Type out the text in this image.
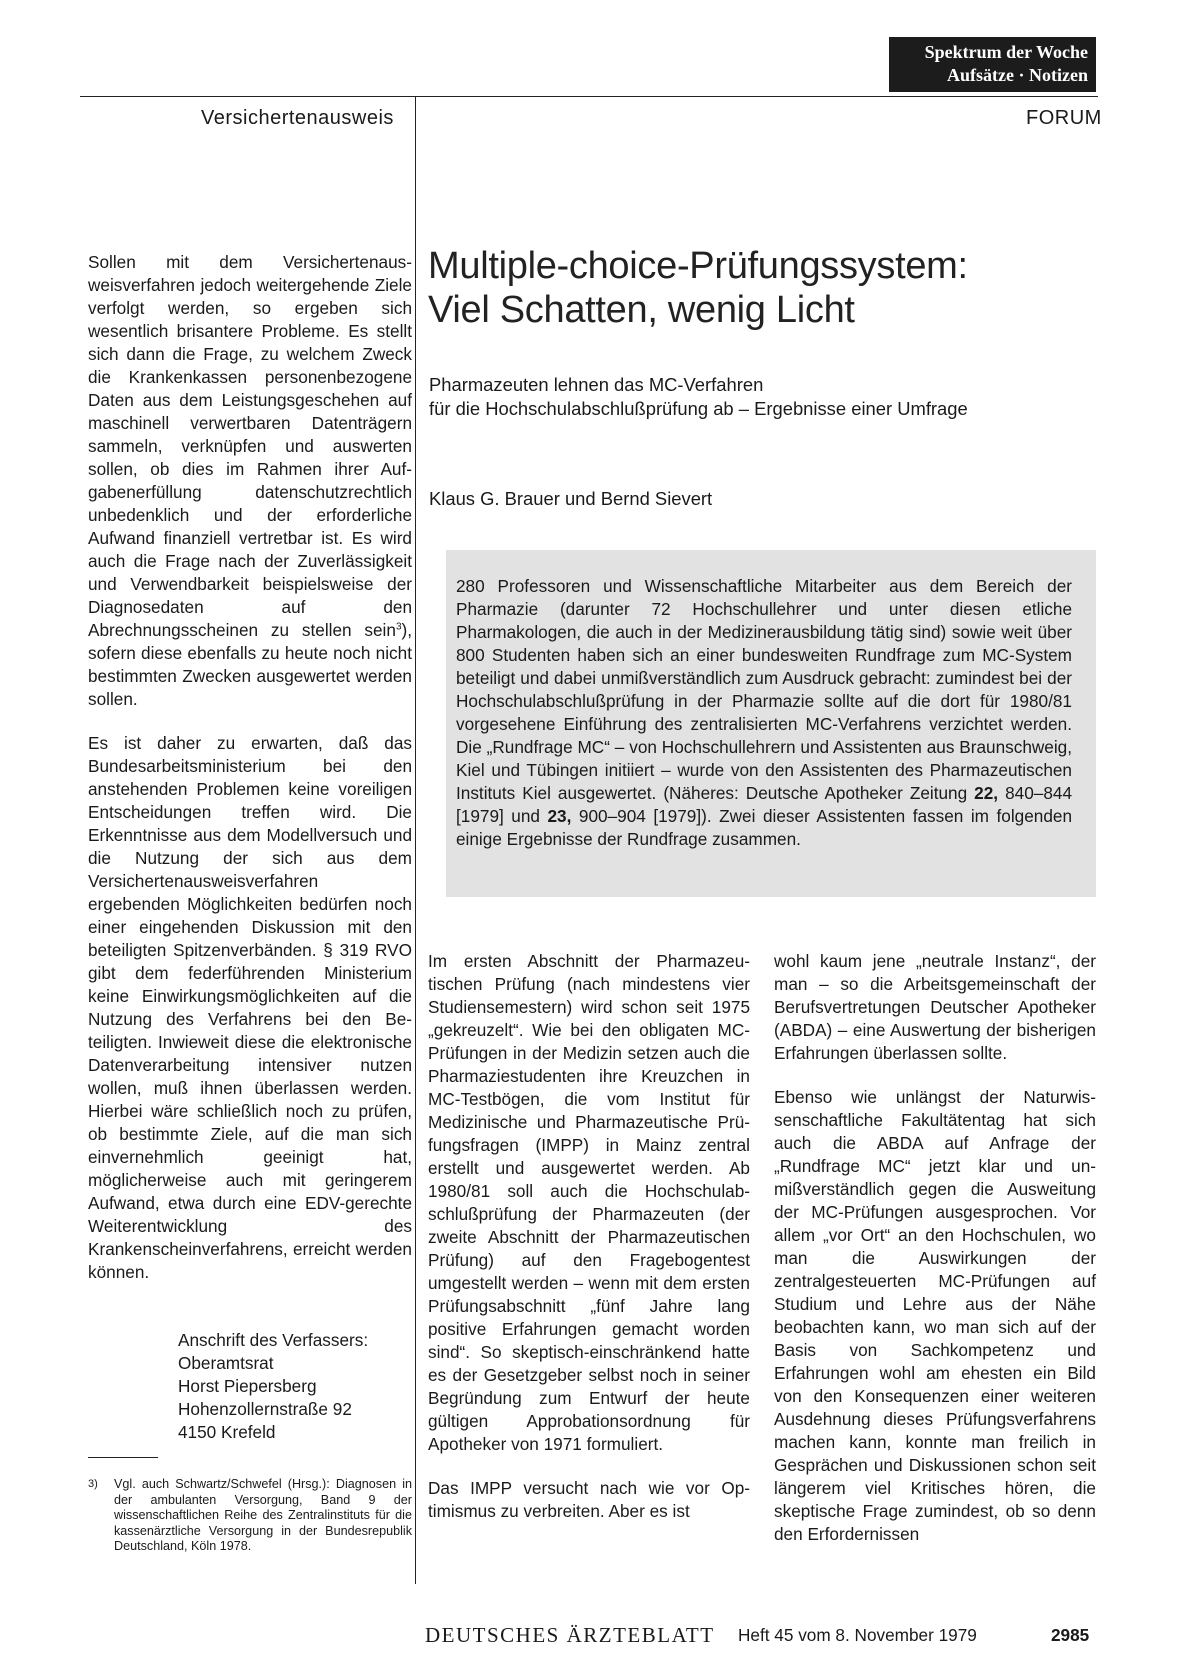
Spektrum der Woche
Aufsätze · Notizen
Versichertenausweis	FORUM

Sollen mit dem Versichertenausweisverfahren jedoch weitergehende Ziele verfolgt werden, so ergeben sich wesentlich brisantere Probleme. Es stellt sich dann die Frage, zu welchem Zweck die Krankenkassen personenbezogene Daten aus dem Leistungsgeschehen auf maschinell verwertbaren Datenträgern sammeln, verknüpfen und auswerten sollen, ob dies im Rahmen ihrer Aufgabenerfüllung datenschutzrechtlich unbedenklich und der erforderliche Aufwand finanziell vertretbar ist. Es wird auch die Frage nach der Zuverlässigkeit und Verwendbarkeit beispielsweise der Diagnosedaten auf den Abrechnungsscheinen zu stellen sein$^3$), sofern diese ebenfalls zu heute noch nicht bestimmten Zwecken ausgewertet werden sollen.

Es ist daher zu erwarten, daß das Bundesarbeitsministerium bei den anstehenden Problemen keine voreiligen Entscheidungen treffen wird. Die Erkenntnisse aus dem Modellversuch und die Nutzung der sich aus dem Versichertenausweisverfahren ergebenden Möglichkeiten bedürfen noch einer eingehenden Diskussion mit den beteiligten Spitzenverbänden. § 319 RVO gibt dem federführenden Ministerium keine Einwirkungsmöglichkeiten auf die Nutzung des Verfahrens bei den Beteiligten. Inwieweit diese die elektronische Datenverarbeitung intensiver nutzen wollen, muß ihnen überlassen werden. Hierbei wäre schließlich noch zu prüfen, ob bestimmte Ziele, auf die man sich einvernehmlich geeinigt hat, möglicherweise auch mit geringerem Aufwand, etwa durch eine EDV-gerechte Weiterentwicklung des Krankenscheinverfahrens, erreicht werden können.

Anschrift des Verfassers:
Oberamtsrat
Horst Piepersberg
Hohenzollernstraße 92
4150 Krefeld
3) Vgl. auch Schwartz/Schwefel (Hrsg.): Diagnosen in der ambulanten Versorgung, Band 9 der wissenschaftlichen Reihe des Zentralinstituts für die kassenärztliche Versorgung in der Bundesrepublik Deutschland, Köln 1978.
Multiple-choice-Prüfungssystem:
Viel Schatten, wenig Licht
Pharmazeuten lehnen das MC-Verfahren
für die Hochschulabschlußprüfung ab – Ergebnisse einer Umfrage
Klaus G. Brauer und Bernd Sievert
280 Professoren und Wissenschaftliche Mitarbeiter aus dem Bereich der Pharmazie (darunter 72 Hochschullehrer und unter diesen etliche Pharmakologen, die auch in der Medizinerausbildung tätig sind) sowie weit über 800 Studenten haben sich an einer bundesweiten Rundfrage zum MC-System beteiligt und dabei unmißverständlich zum Ausdruck gebracht: zumindest bei der Hochschulabschlußprüfung in der Pharmazie sollte auf die dort für 1980/81 vorgesehene Einführung des zentralisierten MC-Verfahrens verzichtet werden. Die „Rundfrage MC“ – von Hochschullehrern und Assistenten aus Braunschweig, Kiel und Tübingen initiiert – wurde von den Assistenten des Pharmazeutischen Instituts Kiel ausgewertet. (Näheres: Deutsche Apotheker Zeitung 22, 840–844 [1979] und 23, 900–904 [1979]). Zwei dieser Assistenten fassen im folgenden einige Ergebnisse der Rundfrage zusammen.

Im ersten Abschnitt der Pharmazeutischen Prüfung (nach mindestens vier Studiensemestern) wird schon seit 1975 „gekreuzelt“. Wie bei den obligaten MC-Prüfungen in der Medizin setzen auch die Pharmaziestudenten ihre Kreuzchen in MC-Testbögen, die vom Institut für Medizinische und Pharmazeutische Prüfungsfragen (IMPP) in Mainz zentral erstellt und ausgewertet werden. Ab 1980/81 soll auch die Hochschulabschlußprüfung der Pharmazeuten (der zweite Abschnitt der Pharmazeutischen Prüfung) auf den Fragebogentest umgestellt werden – wenn mit dem ersten Prüfungsabschnitt „fünf Jahre lang positive Erfahrungen gemacht worden sind“. So skeptisch-einschränkend hatte es der Gesetzgeber selbst noch in seiner Begründung zum Entwurf der heute gültigen Approbationsordnung für Apotheker von 1971 formuliert.

Das IMPP versucht nach wie vor Optimismus zu verbreiten. Aber es ist

wohl kaum jene „neutrale Instanz“, der man – so die Arbeitsgemeinschaft der Berufsvertretungen Deutscher Apotheker (ABDA) – eine Auswertung der bisherigen Erfahrungen überlassen sollte.

Ebenso wie unlängst der Naturwissenschaftliche Fakultätentag hat sich auch die ABDA auf Anfrage der „Rundfrage MC“ jetzt klar und unmißverständlich gegen die Ausweitung der MC-Prüfungen ausgesprochen. Vor allem „vor Ort“ an den Hochschulen, wo man die Auswirkungen der zentralgesteuerten MC-Prüfungen auf Studium und Lehre aus der Nähe beobachten kann, wo man sich auf der Basis von Sachkompetenz und Erfahrungen wohl am ehesten ein Bild von den Konsequenzen einer weiteren Ausdehnung dieses Prüfungsverfahrens machen kann, konnte man freilich in Gesprächen und Diskussionen schon seit längerem viel Kritisches hören, die skeptische Frage zumindest, ob so denn den Erfordernissen

DEUTSCHES ÄRZTEBLATT Heft 45 vom 8. November 1979	2985
